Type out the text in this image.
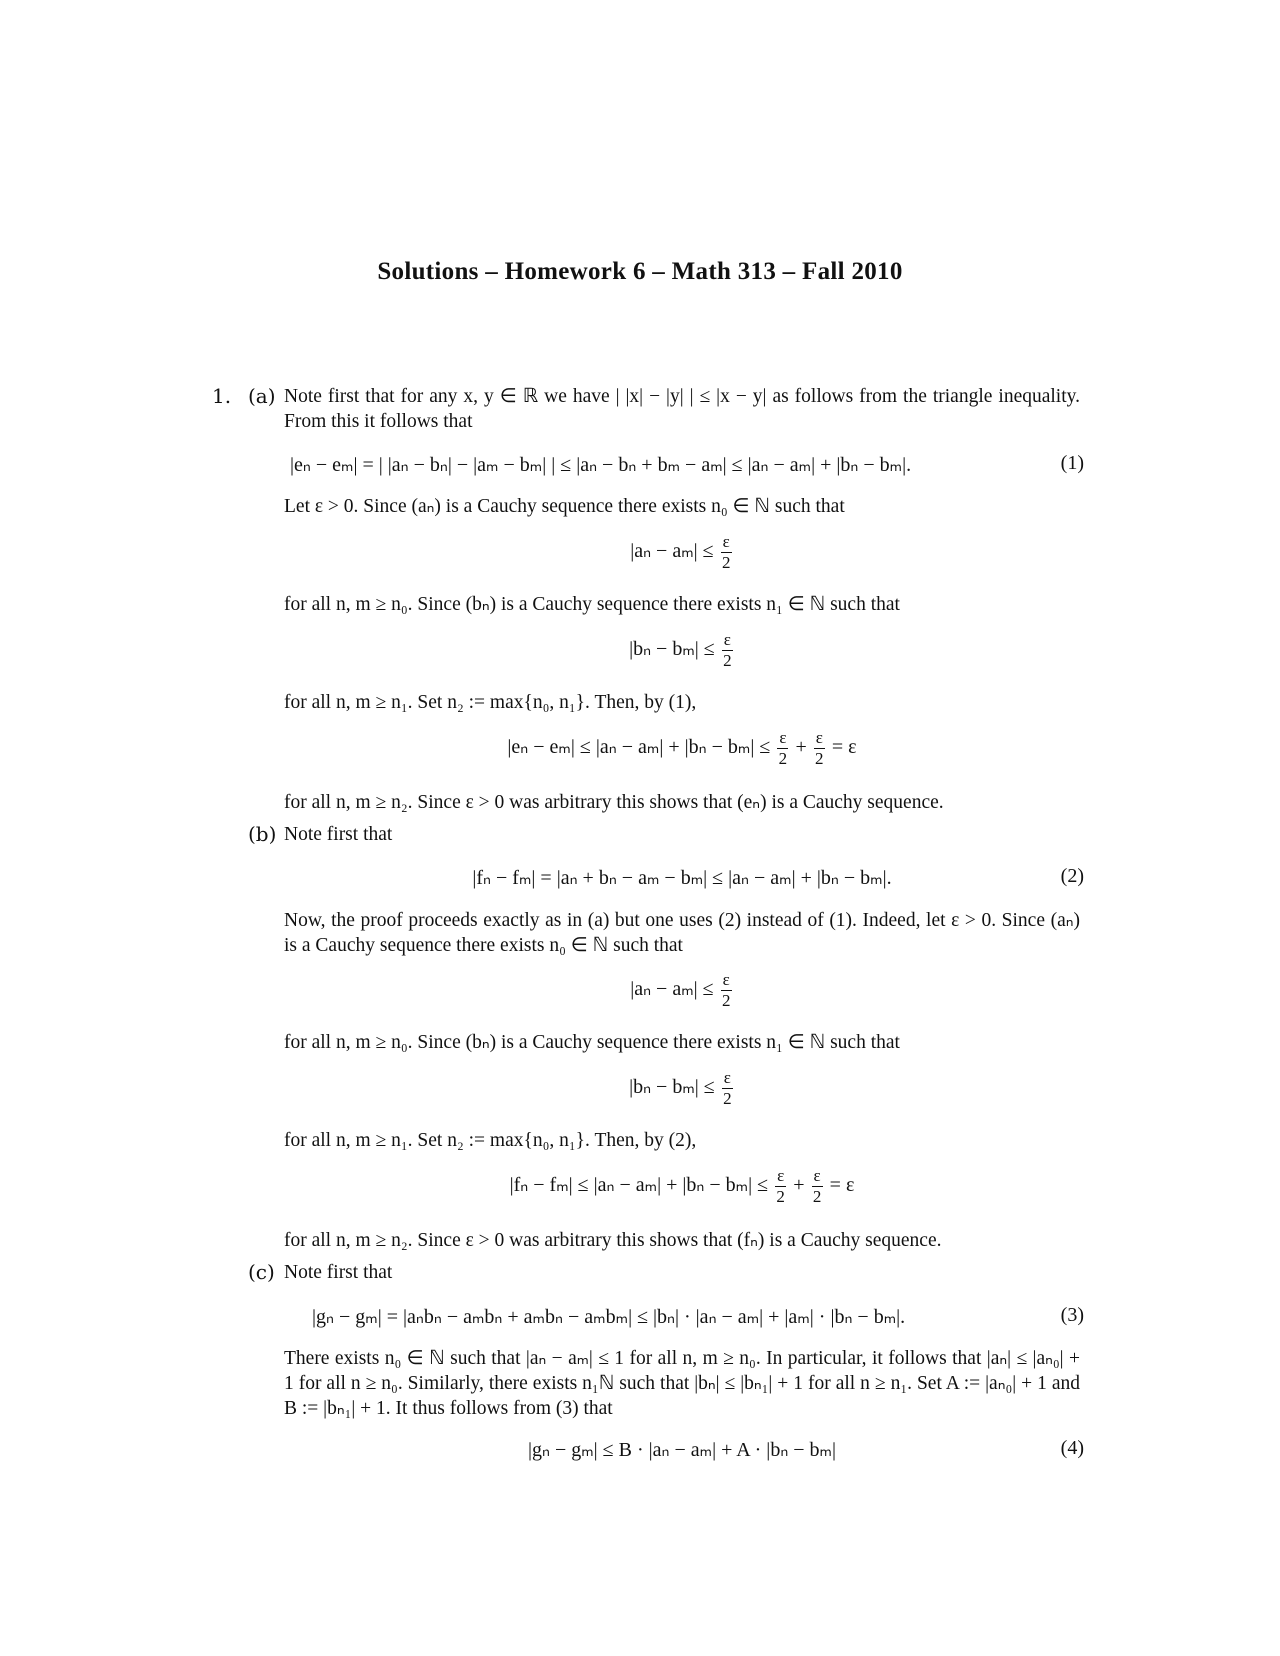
Solutions – Homework 6 – Math 313 – Fall 2010
1. (a) Note first that for any x, y ∈ ℝ we have | |x| − |y| | ≤ |x − y| as follows from the triangle inequality. From this it follows that
|eₙ − eₘ| = | |aₙ − bₙ| − |aₘ − bₘ| | ≤ |aₙ − bₙ + bₘ − aₘ| ≤ |aₙ − aₘ| + |bₙ − bₘ|.	(1)
Let ε > 0. Since (aₙ) is a Cauchy sequence there exists n₀ ∈ ℕ such that
$|a_n - a_m| \le \frac{\varepsilon}{2}$
for all n, m ≥ n₀. Since (bₙ) is a Cauchy sequence there exists n₁ ∈ ℕ such that
$|b_n - b_m| \le \frac{\varepsilon}{2}$
for all n, m ≥ n₁. Set n₂ := max{n₀, n₁}. Then, by (1),
$|e_n - e_m| \le |a_n - a_m| + |b_n - b_m| \le \frac{\varepsilon}{2} + \frac{\varepsilon}{2} = \varepsilon$
for all n, m ≥ n₂. Since ε > 0 was arbitrary this shows that (eₙ) is a Cauchy sequence.
(b) Note first that
|fₙ − fₘ| = |aₙ + bₙ − aₘ − bₘ| ≤ |aₙ − aₘ| + |bₙ − bₘ|.	(2)
Now, the proof proceeds exactly as in (a) but one uses (2) instead of (1). Indeed, let ε > 0. Since (aₙ) is a Cauchy sequence there exists n₀ ∈ ℕ such that
$|a_n - a_m| \le \frac{\varepsilon}{2}$
for all n, m ≥ n₀. Since (bₙ) is a Cauchy sequence there exists n₁ ∈ ℕ such that
$|b_n - b_m| \le \frac{\varepsilon}{2}$
for all n, m ≥ n₁. Set n₂ := max{n₀, n₁}. Then, by (2),
$|f_n - f_m| \le |a_n - a_m| + |b_n - b_m| \le \frac{\varepsilon}{2} + \frac{\varepsilon}{2} = \varepsilon$
for all n, m ≥ n₂. Since ε > 0 was arbitrary this shows that (fₙ) is a Cauchy sequence.
(c) Note first that
|gₙ − gₘ| = |aₙbₙ − aₘbₙ + aₘbₙ − aₘbₘ| ≤ |bₙ| · |aₙ − aₘ| + |aₘ| · |bₙ − bₘ|.	(3)
There exists n₀ ∈ ℕ such that |aₙ − aₘ| ≤ 1 for all n, m ≥ n₀. In particular, it follows that |aₙ| ≤ |aₙ₀| + 1 for all n ≥ n₀. Similarly, there exists n₁ℕ such that |bₙ| ≤ |bₙ₁| + 1 for all n ≥ n₁. Set A := |aₙ₀| + 1 and B := |bₙ₁| + 1. It thus follows from (3) that
|gₙ − gₘ| ≤ B · |aₙ − aₘ| + A · |bₙ − bₘ|	(4)
